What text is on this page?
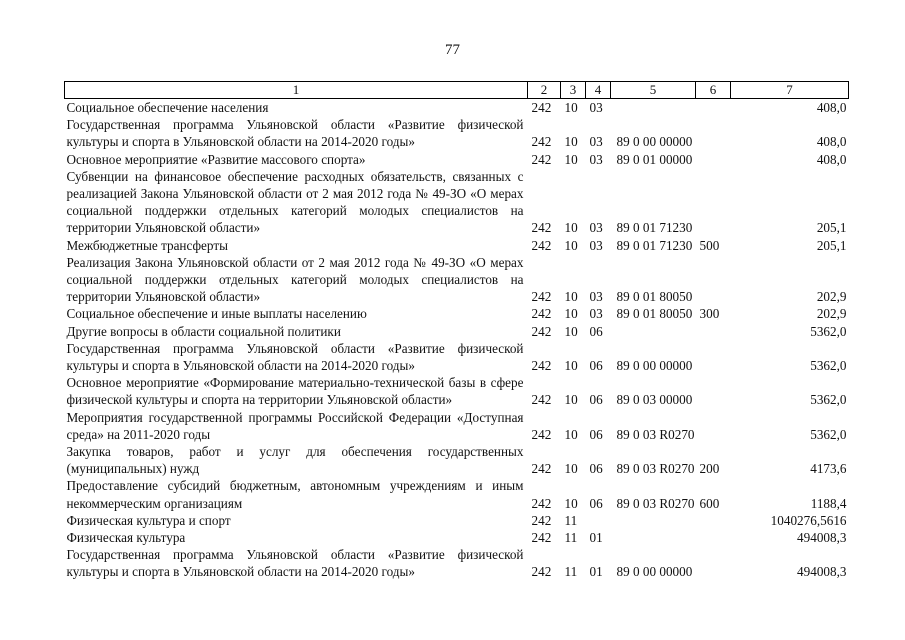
77
1	2	3	4	5	6	7
Социальное обеспечение населения	242	10	03			408,0
Государственная программа Ульяновской области «Развитие физической культуры и спорта в Ульяновской области на 2014-2020 годы»	242	10	03	89 0 00 00000		408,0
Основное мероприятие «Развитие массового спорта»	242	10	03	89 0 01 00000		408,0
Субвенции на финансовое обеспечение расходных обязательств, связанных с реализацией Закона Ульяновской области от 2 мая 2012 года № 49-ЗО «О мерах социальной поддержки отдельных категорий молодых специалистов на территории Ульяновской области»	242	10	03	89 0 01 71230		205,1
Межбюджетные трансферты	242	10	03	89 0 01 71230	500	205,1
Реализация Закона Ульяновской области от 2 мая 2012 года № 49-ЗО «О мерах социальной поддержки отдельных категорий молодых специалистов на территории Ульяновской области»	242	10	03	89 0 01 80050		202,9
Социальное обеспечение и иные выплаты населению	242	10	03	89 0 01 80050	300	202,9
Другие вопросы в области социальной политики	242	10	06			5362,0
Государственная программа Ульяновской области «Развитие физической культуры и спорта в Ульяновской области на 2014-2020 годы»	242	10	06	89 0 00 00000		5362,0
Основное мероприятие «Формирование материально-технической базы в сфере физической культуры и спорта на территории Ульяновской области»	242	10	06	89 0 03 00000		5362,0
Мероприятия государственной программы Российской Федерации «Доступная среда» на 2011-2020 годы	242	10	06	89 0 03 R0270		5362,0
Закупка товаров, работ и услуг для обеспечения государственных (муниципальных) нужд	242	10	06	89 0 03 R0270	200	4173,6
Предоставление субсидий бюджетным, автономным учреждениям и иным некоммерческим организациям	242	10	06	89 0 03 R0270	600	1188,4
Физическая культура и спорт	242	11				1040276,5616
Физическая культура	242	11	01			494008,3
Государственная программа Ульяновской области «Развитие физической культуры и спорта в Ульяновской области на 2014-2020 годы»	242	11	01	89 0 00 00000		494008,3
